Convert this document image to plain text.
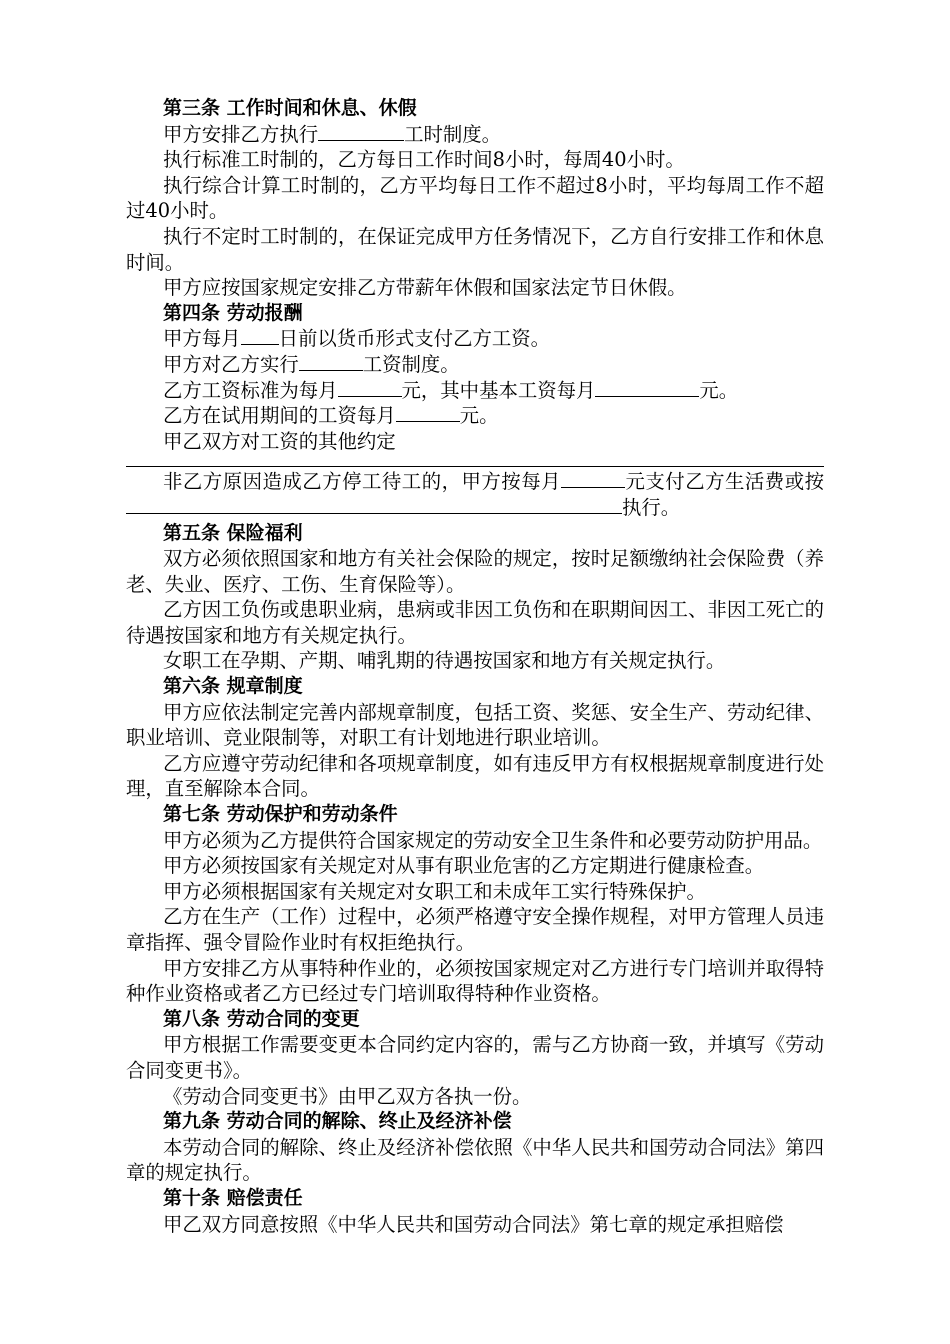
第三条 工作时间和休息、休假

甲方安排乙方执行	工时制度。

执行标准工时制的，乙方每日工作时间8小时，每周40小时。

执行综合计算工时制的，乙方平均每日工作不超过8小时，平均每周工作不超过40小时。

执行不定时工时制的，在保证完成甲方任务情况下，乙方自行安排工作和休息时间。

甲方应按国家规定安排乙方带薪年休假和国家法定节日休假。

第四条 劳动报酬

甲方每月 日前以货币形式支付乙方工资。

甲方对乙方实行	工资制度。

乙方工资标准为每月	元，其中基本工资每月	元。

乙方在试用期间的工资每月	元。

甲乙双方对工资的其他约定

非乙方原因造成乙方停工待工的，甲方按每月	元支付乙方生活费或按执行。

第五条 保险福利

双方必须依照国家和地方有关社会保险的规定，按时足额缴纳社会保险费（养老、失业、医疗、工伤、生育保险等）。

乙方因工负伤或患职业病，患病或非因工负伤和在职期间因工、非因工死亡的待遇按国家和地方有关规定执行。

女职工在孕期、产期、哺乳期的待遇按国家和地方有关规定执行。

第六条 规章制度

甲方应依法制定完善内部规章制度，包括工资、奖惩、安全生产、劳动纪律、职业培训、竞业限制等，对职工有计划地进行职业培训。

乙方应遵守劳动纪律和各项规章制度，如有违反甲方有权根据规章制度进行处理，直至解除本合同。

第七条 劳动保护和劳动条件

甲方必须为乙方提供符合国家规定的劳动安全卫生条件和必要劳动防护用品。

甲方必须按国家有关规定对从事有职业危害的乙方定期进行健康检查。

甲方必须根据国家有关规定对女职工和未成年工实行特殊保护。

乙方在生产（工作）过程中，必须严格遵守安全操作规程，对甲方管理人员违章指挥、强令冒险作业时有权拒绝执行。

甲方安排乙方从事特种作业的，必须按国家规定对乙方进行专门培训并取得特种作业资格或者乙方已经过专门培训取得特种作业资格。

第八条 劳动合同的变更

甲方根据工作需要变更本合同约定内容的，需与乙方协商一致，并填写《劳动合同变更书》。

《劳动合同变更书》由甲乙双方各执一份。

第九条 劳动合同的解除、终止及经济补偿

本劳动合同的解除、终止及经济补偿依照《中华人民共和国劳动合同法》第四章的规定执行。

第十条 赔偿责任

甲乙双方同意按照《中华人民共和国劳动合同法》第七章的规定承担赔偿
